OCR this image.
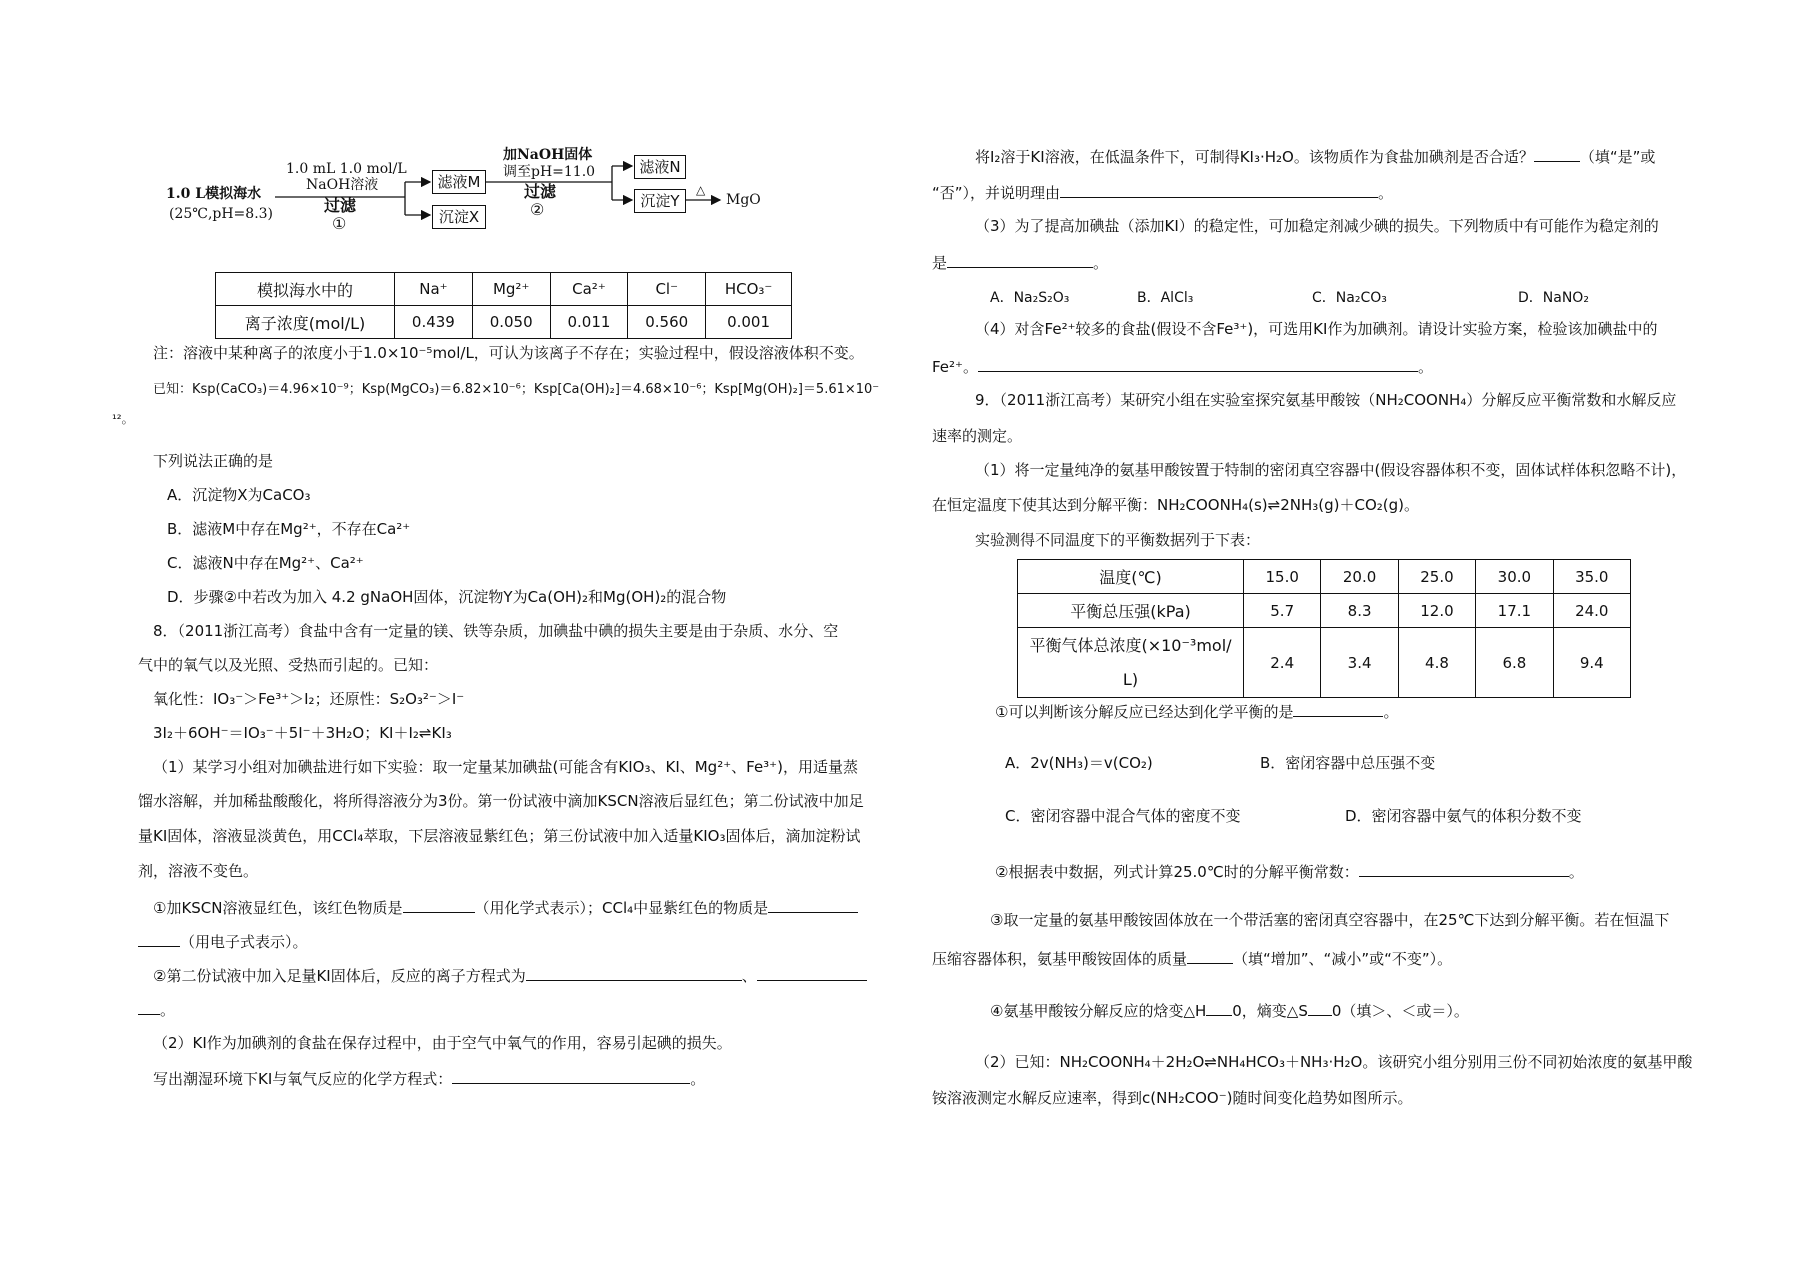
1.0 L模拟海水
(25℃,pH=8.3)
1.0 mL 1.0 mol/L
NaOH溶液
过滤
①
滤液M
沉淀X
加NaOH固体
调至pH=11.0
过滤
②
滤液N
沉淀Y
△
MgO
模拟海水中的	Na⁺	Mg²⁺	Ca²⁺	Cl⁻	HCO₃⁻
离子浓度(mol/L)	0.439	0.050	0.011	0.560	0.001
注：溶液中某种离子的浓度小于1.0×10⁻⁵mol/L，可认为该离子不存在；实验过程中，假设溶液体积不变。
已知：Ksp(CaCO₃)＝4.96×10⁻⁹；Ksp(MgCO₃)＝6.82×10⁻⁶；Ksp[Ca(OH)₂]＝4.68×10⁻⁶；Ksp[Mg(OH)₂]＝5.61×10⁻
¹²。
下列说法正确的是
A．沉淀物X为CaCO₃
B．滤液M中存在Mg²⁺，不存在Ca²⁺
C．滤液N中存在Mg²⁺、Ca²⁺
D．步骤②中若改为加入 4.2 gNaOH固体，沉淀物Y为Ca(OH)₂和Mg(OH)₂的混合物
8．（2011浙江高考）食盐中含有一定量的镁、铁等杂质，加碘盐中碘的损失主要是由于杂质、水分、空
气中的氧气以及光照、受热而引起的。已知：
氧化性：IO₃⁻＞Fe³⁺＞I₂；还原性：S₂O₃²⁻＞I⁻
3I₂＋6OH⁻＝IO₃⁻＋5I⁻＋3H₂O；KI＋I₂⇌KI₃
（1）某学习小组对加碘盐进行如下实验：取一定量某加碘盐(可能含有KIO₃、KI、Mg²⁺、Fe³⁺)，用适量蒸
馏水溶解，并加稀盐酸酸化，将所得溶液分为3份。第一份试液中滴加KSCN溶液后显红色；第二份试液中加足
量KI固体，溶液显淡黄色，用CCl₄萃取，下层溶液显紫红色；第三份试液中加入适量KIO₃固体后，滴加淀粉试
剂，溶液不变色。
①加KSCN溶液显红色，该红色物质是	（用化学式表示）；CCl₄中显紫红色的物质是
（用电子式表示）。
②第二份试液中加入足量KI固体后，反应的离子方程式为	、
。
（2）KI作为加碘剂的食盐在保存过程中，由于空气中氧气的作用，容易引起碘的损失。
写出潮湿环境下KI与氧气反应的化学方程式：	。
将I₂溶于KI溶液，在低温条件下，可制得KI₃·H₂O。该物质作为食盐加碘剂是否合适？	（填“是”或
“否”），并说明理由	。
（3）为了提高加碘盐（添加KI）的稳定性，可加稳定剂减少碘的损失。下列物质中有可能作为稳定剂的
是	。
A．Na₂S₂O₃	B．AlCl₃	C．Na₂CO₃	D．NaNO₂
（4）对含Fe²⁺较多的食盐(假设不含Fe³⁺)，可选用KI作为加碘剂。请设计实验方案，检验该加碘盐中的
Fe²⁺。	。
9．（2011浙江高考）某研究小组在实验室探究氨基甲酸铵（NH₂COONH₄）分解反应平衡常数和水解反应
速率的测定。
（1）将一定量纯净的氨基甲酸铵置于特制的密闭真空容器中(假设容器体积不变，固体试样体积忽略不计)，
在恒定温度下使其达到分解平衡：NH₂COONH₄(s)⇌2NH₃(g)＋CO₂(g)。
实验测得不同温度下的平衡数据列于下表：
温度(℃)	15.0	20.0	25.0	30.0	35.0
平衡总压强(kPa)	5.7	8.3	12.0	17.1	24.0

平衡气体总浓度(×10⁻³mol/
L)	2.4	3.4	4.8	6.8	9.4
①可以判断该分解反应已经达到化学平衡的是	。
A．2v(NH₃)＝v(CO₂)	B．密闭容器中总压强不变
C．密闭容器中混合气体的密度不变	D．密闭容器中氨气的体积分数不变
②根据表中数据，列式计算25.0℃时的分解平衡常数：	。
③取一定量的氨基甲酸铵固体放在一个带活塞的密闭真空容器中，在25℃下达到分解平衡。若在恒温下
压缩容器体积，氨基甲酸铵固体的质量	（填“增加”、“减小”或“不变”）。
④氨基甲酸铵分解反应的焓变△H 0，熵变△S 0（填＞、＜或＝）。
（2）已知：NH₂COONH₄＋2H₂O⇌NH₄HCO₃＋NH₃·H₂O。该研究小组分别用三份不同初始浓度的氨基甲酸
铵溶液测定水解反应速率，得到c(NH₂COO⁻)随时间变化趋势如图所示。
